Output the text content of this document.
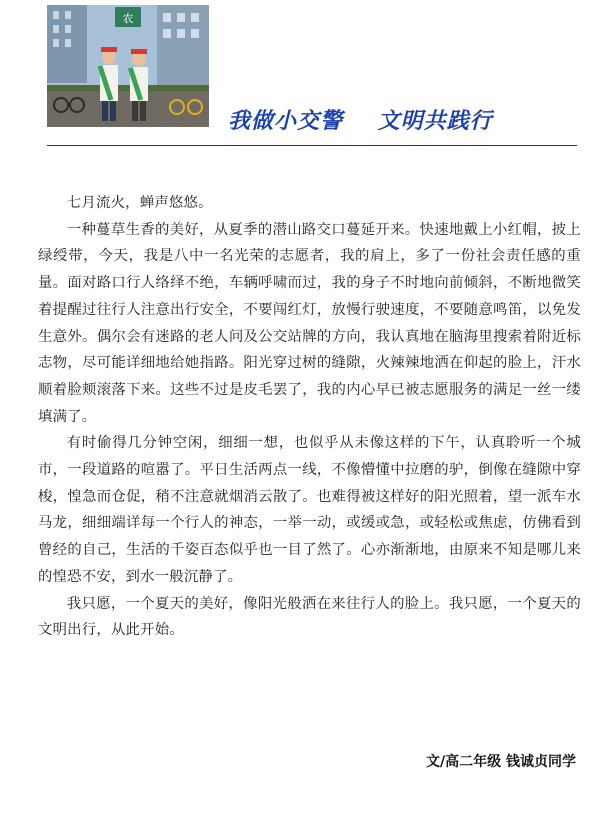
农
我做小交警    文明共践行

七月流火，蝉声悠悠。

一种蔓草生香的美好，从夏季的潜山路交口蔓延开来。快速地戴上小红帽，披上绿绶带，今天，我是八中一名光荣的志愿者，我的肩上，多了一份社会责任感的重量。面对路口行人络绎不绝，车辆呼啸而过，我的身子不时地向前倾斜，不断地微笑着提醒过往行人注意出行安全，不要闯红灯，放慢行驶速度，不要随意鸣笛，以免发生意外。偶尔会有迷路的老人问及公交站牌的方向，我认真地在脑海里搜索着附近标志物，尽可能详细地给她指路。阳光穿过树的缝隙，火辣辣地洒在仰起的脸上，汗水顺着脸颊滚落下来。这些不过是皮毛罢了，我的内心早已被志愿服务的满足一丝一缕填满了。

有时偷得几分钟空闲，细细一想，也似乎从未像这样的下午，认真聆听一个城市，一段道路的喧嚣了。平日生活两点一线，不像懵懂中拉磨的驴，倒像在缝隙中穿梭，惶急而仓促，稍不注意就烟消云散了。也难得被这样好的阳光照着，望一派车水马龙，细细端详每一个行人的神态，一举一动，或缓或急，或轻松或焦虑，仿佛看到曾经的自己，生活的千姿百态似乎也一目了然了。心亦渐渐地，由原来不知是哪儿来的惶恐不安，到水一般沉静了。

我只愿，一个夏天的美好，像阳光般洒在来往行人的脸上。我只愿，一个夏天的文明出行，从此开始。

文/高二年级 钱诚贞同学
